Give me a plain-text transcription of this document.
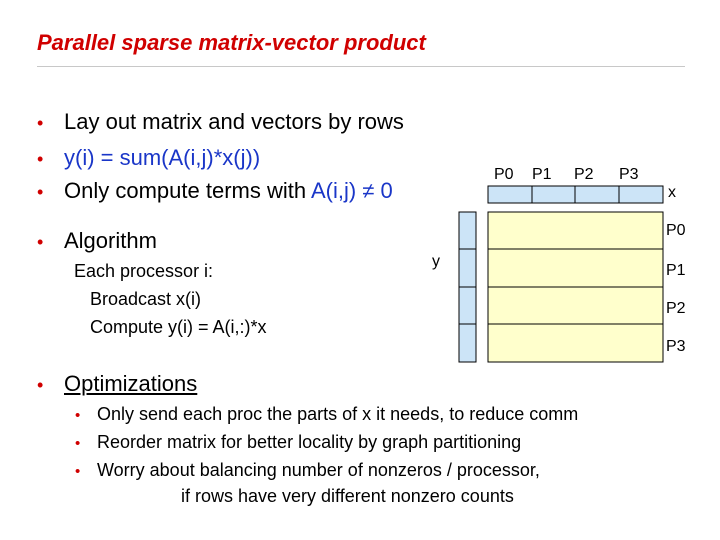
Parallel sparse matrix-vector product
• Lay out matrix and vectors by rows
• y(i) = sum(A(i,j)*x(j))
• Only compute terms with A(i,j) ≠ 0
• Algorithm
Each processor i:
Broadcast x(i)
Compute y(i) = A(i,:)*x
• Optimizations
• Only send each proc the parts of x it needs, to reduce comm
• Reorder matrix for better locality by graph partitioning
• Worry about balancing number of nonzeros / processor,
if rows have very different nonzero counts
P0 P1 P2 P3
x
y
P0
P1
P2
P3
